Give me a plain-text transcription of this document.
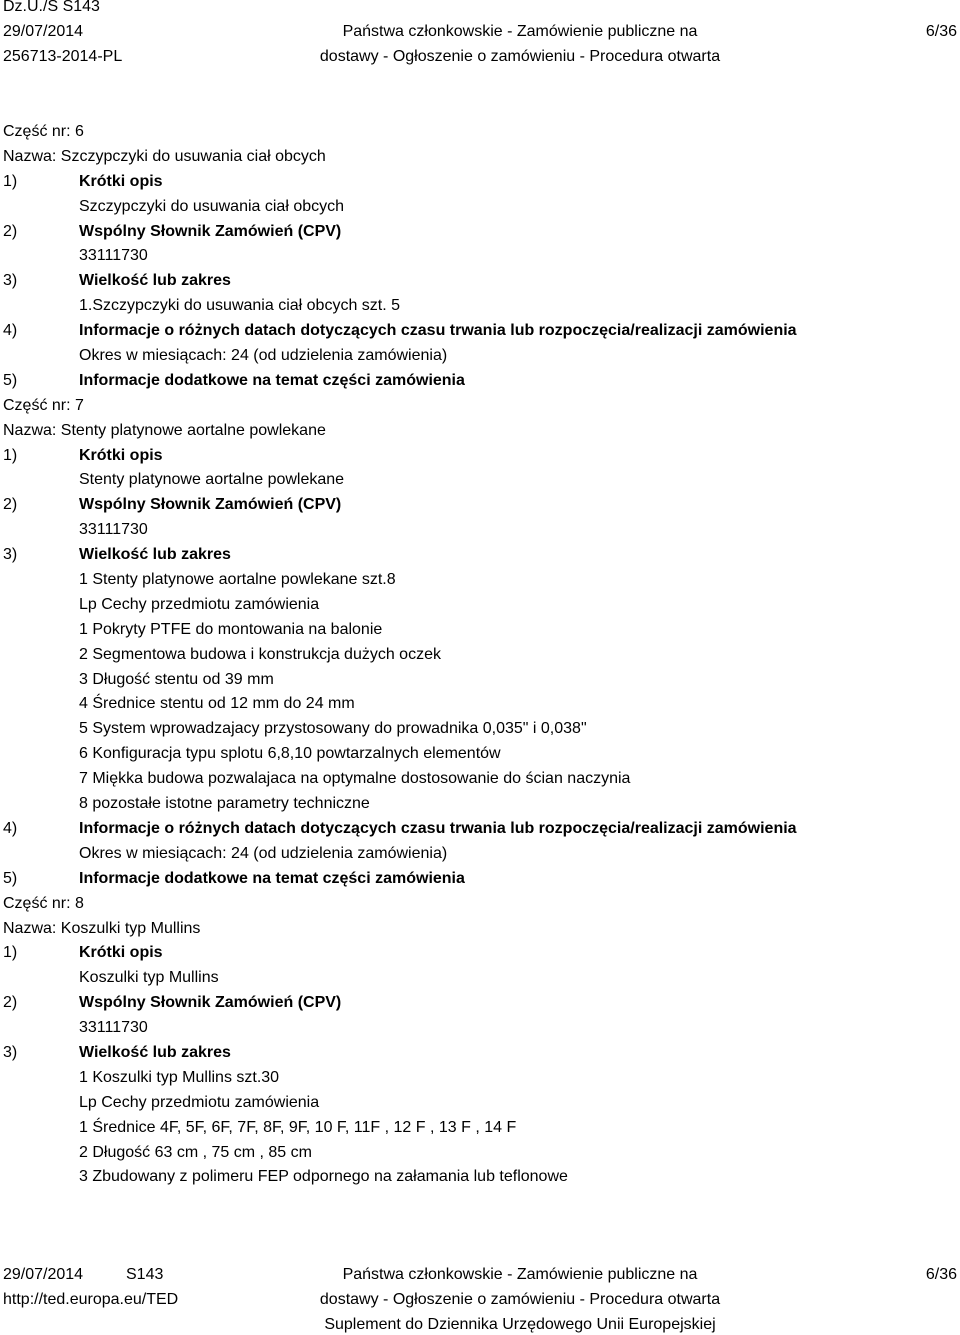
Dz.U./S S143
29/07/2014
256713-2014-PL
Państwa członkowskie - Zamówienie publiczne na
dostawy - Ogłoszenie o zamówieniu - Procedura otwarta
6/36
Część nr: 6
Nazwa: Szczypczyki do usuwania ciał obcych
1)	Krótki opis
Szczypczyki do usuwania ciał obcych
2)	Wspólny Słownik Zamówień (CPV)
33111730
3)	Wielkość lub zakres
1.Szczypczyki do usuwania ciał obcych szt. 5
4)	Informacje o różnych datach dotyczących czasu trwania lub rozpoczęcia/realizacji zamówienia
Okres w miesiącach: 24 (od udzielenia zamówienia)
5)	Informacje dodatkowe na temat części zamówienia
Część nr: 7
Nazwa: Stenty platynowe aortalne powlekane
1)	Krótki opis
Stenty platynowe aortalne powlekane
2)	Wspólny Słownik Zamówień (CPV)
33111730
3)	Wielkość lub zakres
1 Stenty platynowe aortalne powlekane szt.8
Lp Cechy przedmiotu zamówienia
1 Pokryty PTFE do montowania na balonie
2 Segmentowa budowa i konstrukcja dużych oczek
3 Długość stentu od 39 mm
4 Średnice stentu od 12 mm do 24 mm
5 System wprowadzajacy przystosowany do prowadnika 0,035" i 0,038"
6 Konfiguracja typu splotu 6,8,10 powtarzalnych elementów
7 Miękka budowa pozwalajaca na optymalne dostosowanie do ścian naczynia
8 pozostałe istotne parametry techniczne
4)	Informacje o różnych datach dotyczących czasu trwania lub rozpoczęcia/realizacji zamówienia
Okres w miesiącach: 24 (od udzielenia zamówienia)
5)	Informacje dodatkowe na temat części zamówienia
Część nr: 8
Nazwa: Koszulki typ Mullins
1)	Krótki opis
Koszulki typ Mullins
2)	Wspólny Słownik Zamówień (CPV)
33111730
3)	Wielkość lub zakres
1 Koszulki typ Mullins szt.30
Lp Cechy przedmiotu zamówienia
1 Średnice 4F, 5F, 6F, 7F, 8F, 9F, 10 F, 11F , 12 F , 13 F , 14 F
2 Długość 63 cm , 75 cm , 85 cm
3 Zbudowany z polimeru FEP odpornego na załamania lub teflonowe
29/07/2014	S143
http://ted.europa.eu/TED
Państwa członkowskie - Zamówienie publiczne na
dostawy - Ogłoszenie o zamówieniu - Procedura otwarta
Suplement do Dziennika Urzędowego Unii Europejskiej
6/36
